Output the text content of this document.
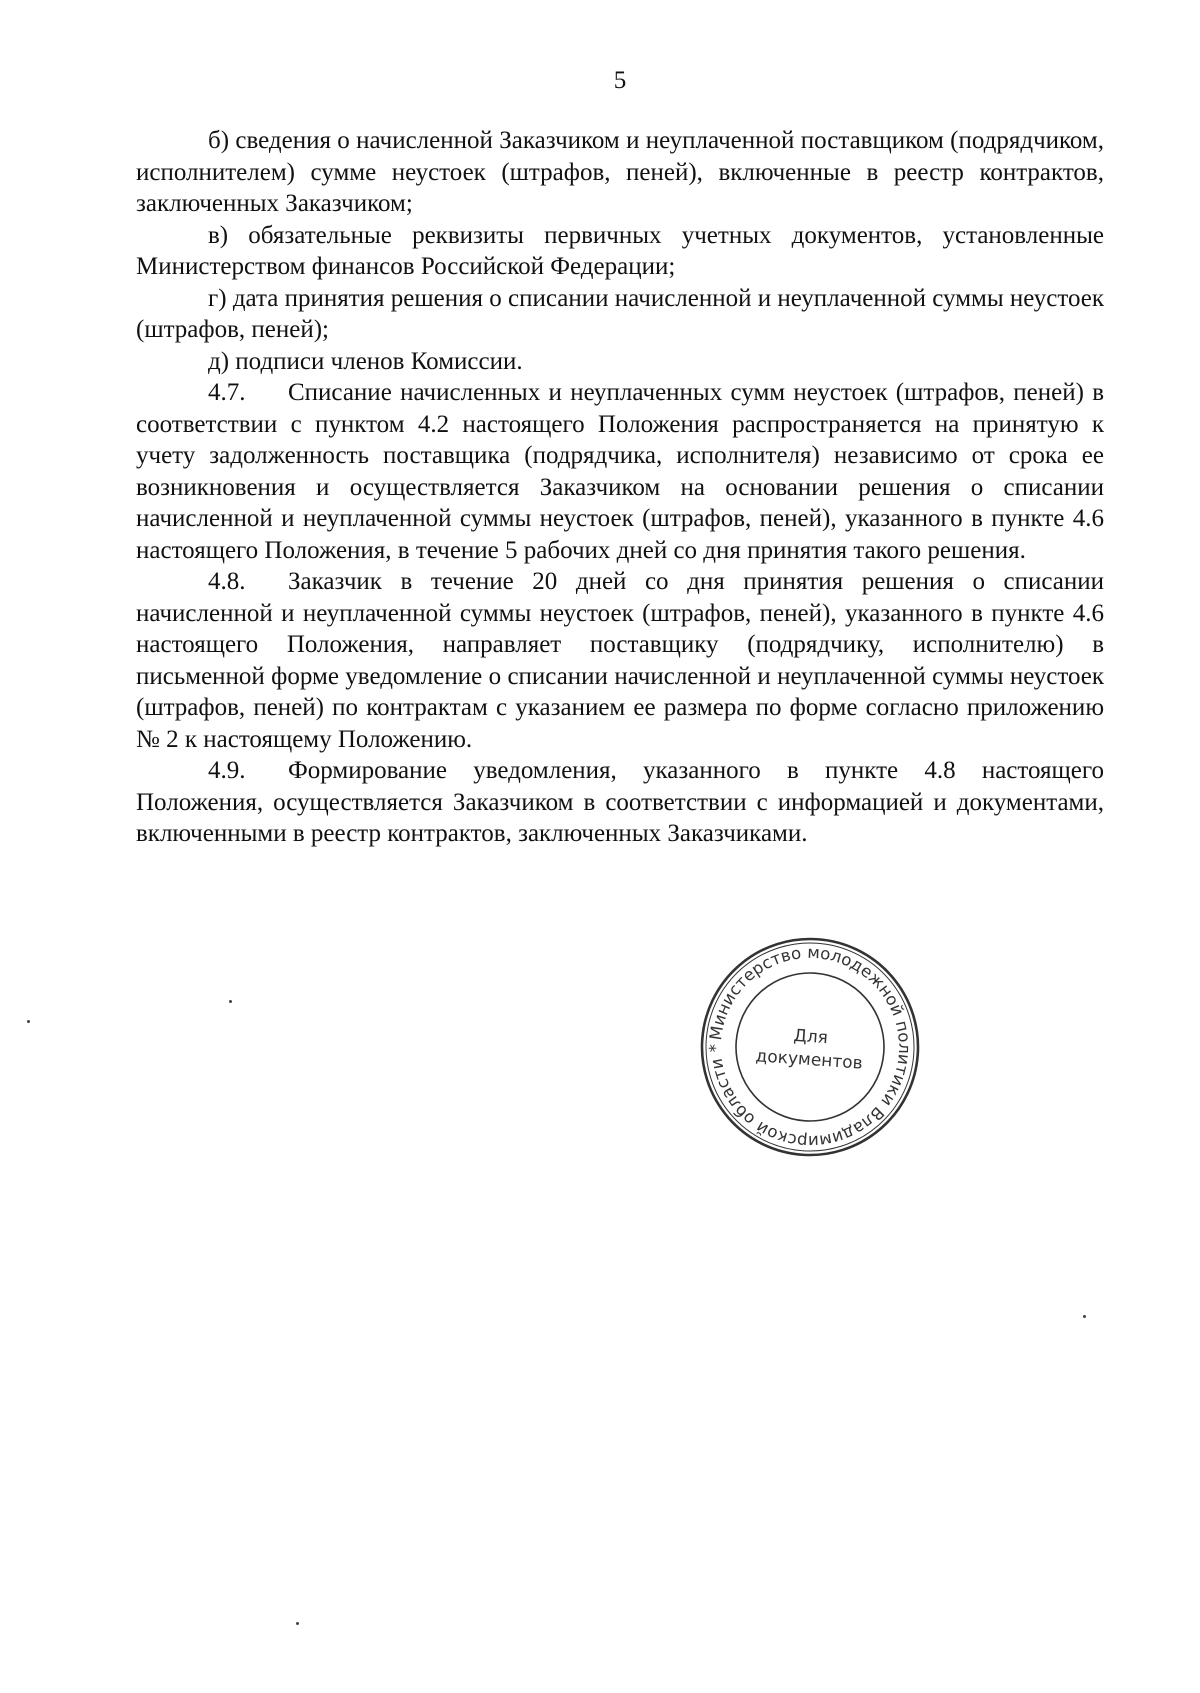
5

б) сведения о начисленной Заказчиком и неуплаченной поставщиком (подрядчиком, исполнителем) сумме неустоек (штрафов, пеней), включенные в реестр контрактов, заключенных Заказчиком;

в) обязательные реквизиты первичных учетных документов, установленные Министерством финансов Российской Федерации;

г) дата принятия решения о списании начисленной и неуплаченной суммы неустоек (штрафов, пеней);

д) подписи членов Комиссии.

4.7. Списание начисленных и неуплаченных сумм неустоек (штрафов, пеней) в соответствии с пунктом 4.2 настоящего Положения распространяется на принятую к учету задолженность поставщика (подрядчика, исполнителя) независимо от срока ее возникновения и осуществляется Заказчиком на основании решения о списании начисленной и неуплаченной суммы неустоек (штрафов, пеней), указанного в пункте 4.6 настоящего Положения, в течение 5 рабочих дней со дня принятия такого решения.

4.8. Заказчик в течение 20 дней со дня принятия решения о списании начисленной и неуплаченной суммы неустоек (штрафов, пеней), указанного в пункте 4.6 настоящего Положения, направляет поставщику (подрядчику, исполнителю) в письменной форме уведомление о списании начисленной и неуплаченной суммы неустоек (штрафов, пеней) по контрактам с указанием ее размера по форме согласно приложению № 2 к настоящему Положению.

4.9. Формирование уведомления, указанного в пункте 4.8 настоящего Положения, осуществляется Заказчиком в соответствии с информацией и документами, включенными в реестр контрактов, заключенных Заказчиками.

Министерство молодежной политики Владимирской области *
Для
документов
